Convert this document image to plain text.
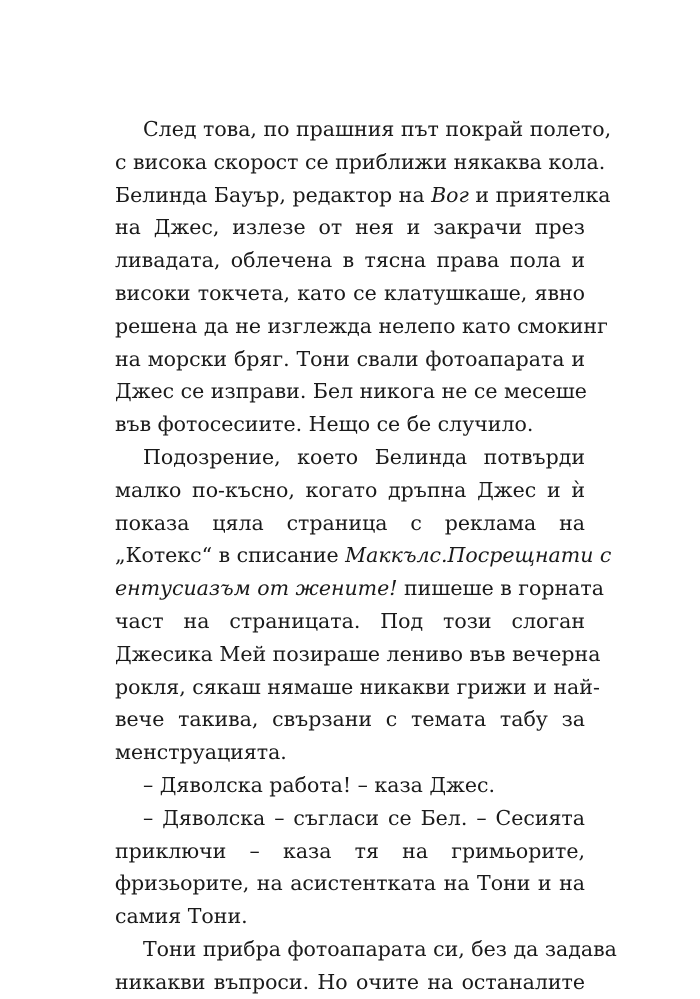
След това, по прашния път покрай полето,
с висока скорост се приближи някаква кола.
Белинда Бауър, редактор на Вог и приятелка
на Джес, излезе от нея и закрачи през
ливадата, облечена в тясна права пола и
високи токчета, като се клатушкаше, явно
решена да не изглежда нелепо като смокинг
на морски бряг. Тони свали фотоапарата и
Джес се изправи. Бел никога не се месеше
във фотосесиите. Нещо се бе случило.
Подозрение, което Белинда потвърди
малко по-късно, когато дръпна Джес и ѝ
показа цяла страница с реклама на
„Котекс“ в списание Маккълс.Посрещнати с
ентусиазъм от жените! пишеше в горната
част на страницата. Под този слоган
Джесика Мей позираше лениво във вечерна
рокля, сякаш нямаше никакви грижи и най-
вече такива, свързани с темата табу за
менструацията.
– Дяволска работа! – каза Джес.
– Дяволска – съгласи се Бел. – Сесията
приключи – каза тя на гримьорите,
фризьорите, на асистентката на Тони и на
самия Тони.
Тони прибра фотоапарата си, без да задава
никакви въпроси. Но очите на останалите
